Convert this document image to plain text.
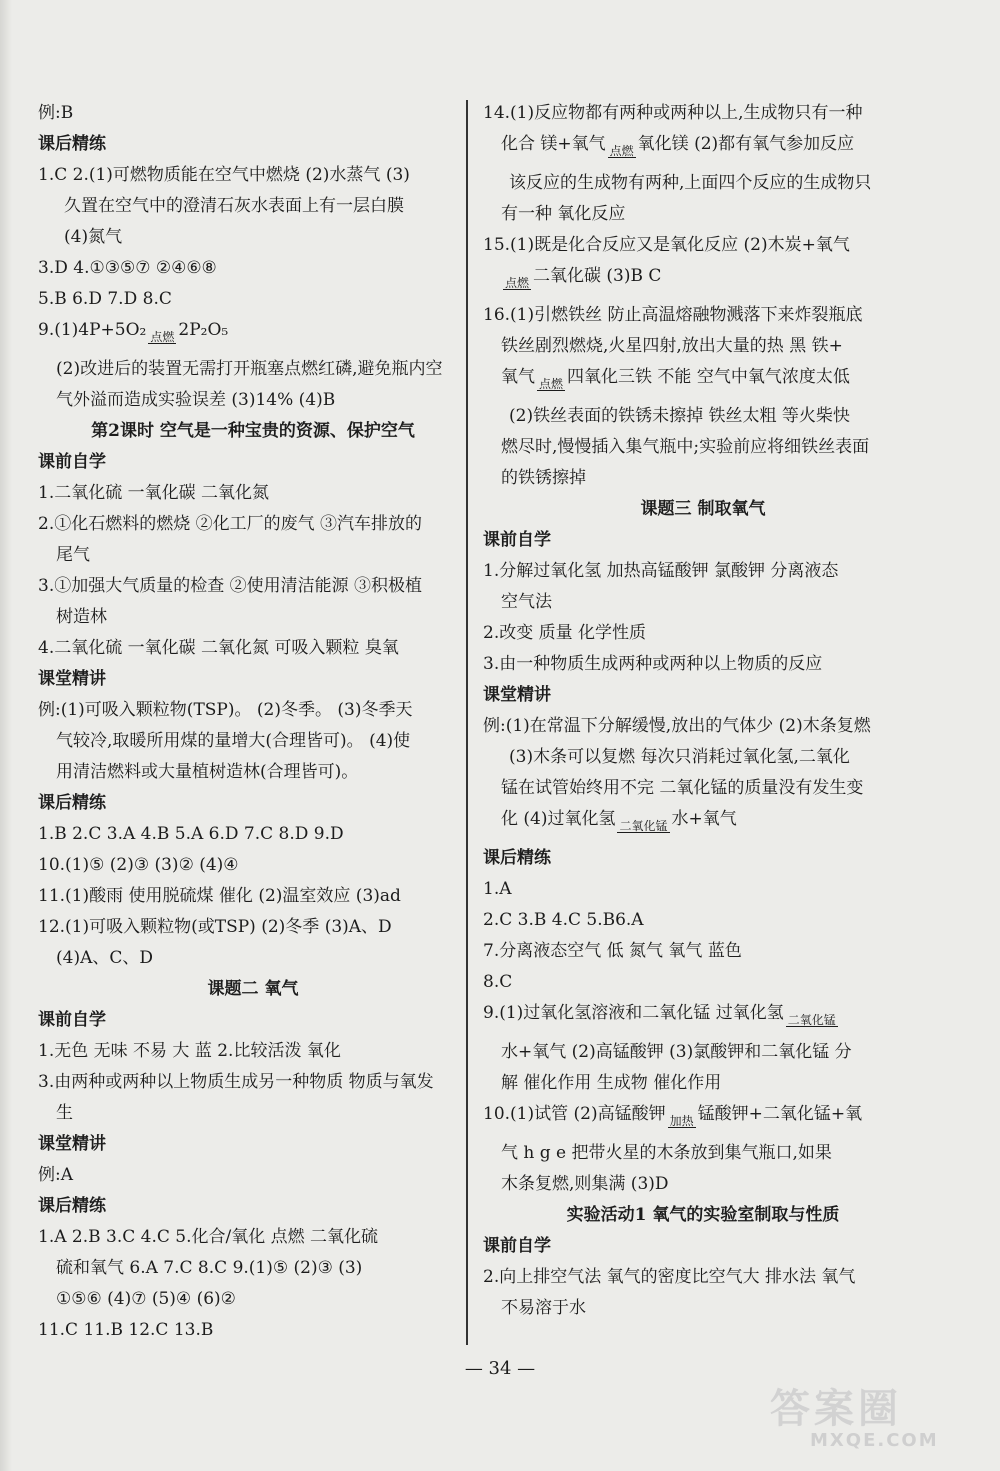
例:B
课后精练
1.C 2.(1)可燃物质能在空气中燃烧 (2)水蒸气 (3)
久置在空气中的澄清石灰水表面上有一层白膜
(4)氮气
3.D 4.①③⑤⑦ ②④⑥⑧
5.B 6.D 7.D 8.C
9.(1)4P+5O₂ 点燃 2P₂O₅
(2)改进后的装置无需打开瓶塞点燃红磷,避免瓶内空
气外溢而造成实验误差 (3)14% (4)B
第2课时 空气是一种宝贵的资源、保护空气
课前自学
1.二氧化硫 一氧化碳 二氧化氮
2.①化石燃料的燃烧 ②化工厂的废气 ③汽车排放的
尾气
3.①加强大气质量的检查 ②使用清洁能源 ③积极植
树造林
4.二氧化硫 一氧化碳 二氧化氮 可吸入颗粒 臭氧
课堂精讲
例:(1)可吸入颗粒物(TSP)。 (2)冬季。 (3)冬季天
气较冷,取暖所用煤的量增大(合理皆可)。 (4)使
用清洁燃料或大量植树造林(合理皆可)。
课后精练
1.B 2.C 3.A 4.B 5.A 6.D 7.C 8.D 9.D
10.(1)⑤ (2)③ (3)② (4)④
11.(1)酸雨 使用脱硫煤 催化 (2)温室效应 (3)ad
12.(1)可吸入颗粒物(或TSP) (2)冬季 (3)A、D
(4)A、C、D
课题二 氧气
课前自学
1.无色 无味 不易 大 蓝 2.比较活泼 氧化
3.由两种或两种以上物质生成另一种物质 物质与氧发
生
课堂精讲
例:A
课后精练
1.A 2.B 3.C 4.C 5.化合/氧化 点燃 二氧化硫
硫和氧气 6.A 7.C 8.C 9.(1)⑤ (2)③ (3)
①⑤⑥ (4)⑦ (5)④ (6)②
11.C 11.B 12.C 13.B
14.(1)反应物都有两种或两种以上,生成物只有一种
化合 镁+氧气 点燃 氧化镁 (2)都有氧气参加反应
该反应的生成物有两种,上面四个反应的生成物只
有一种 氧化反应
15.(1)既是化合反应又是氧化反应 (2)木炭+氧气
点燃 二氧化碳 (3)B C
16.(1)引燃铁丝 防止高温熔融物溅落下来炸裂瓶底
铁丝剧烈燃烧,火星四射,放出大量的热 黑 铁+
氧气 点燃 四氧化三铁 不能 空气中氧气浓度太低
(2)铁丝表面的铁锈未擦掉 铁丝太粗 等火柴快
燃尽时,慢慢插入集气瓶中;实验前应将细铁丝表面
的铁锈擦掉
课题三 制取氧气
课前自学
1.分解过氧化氢 加热高锰酸钾 氯酸钾 分离液态
空气法
2.改变 质量 化学性质
3.由一种物质生成两种或两种以上物质的反应
课堂精讲
例:(1)在常温下分解缓慢,放出的气体少 (2)木条复燃
(3)木条可以复燃 每次只消耗过氧化氢,二氧化
锰在试管始终用不完 二氧化锰的质量没有发生变
化 (4)过氧化氢 二氧化锰 水+氧气
课后精练
1.A
2.C 3.B 4.C 5.B6.A
7.分离液态空气 低 氮气 氧气 蓝色
8.C
9.(1)过氧化氢溶液和二氧化锰 过氧化氢 二氧化锰
水+氧气 (2)高锰酸钾 (3)氯酸钾和二氧化锰 分
解 催化作用 生成物 催化作用
10.(1)试管 (2)高锰酸钾 加热 锰酸钾+二氧化锰+氧
气 h g e 把带火星的木条放到集气瓶口,如果
木条复燃,则集满 (3)D
实验活动1 氧气的实验室制取与性质
课前自学
2.向上排空气法 氧气的密度比空气大 排水法 氧气
不易溶于水
— 34 —
答案圈
MXQE.COM
